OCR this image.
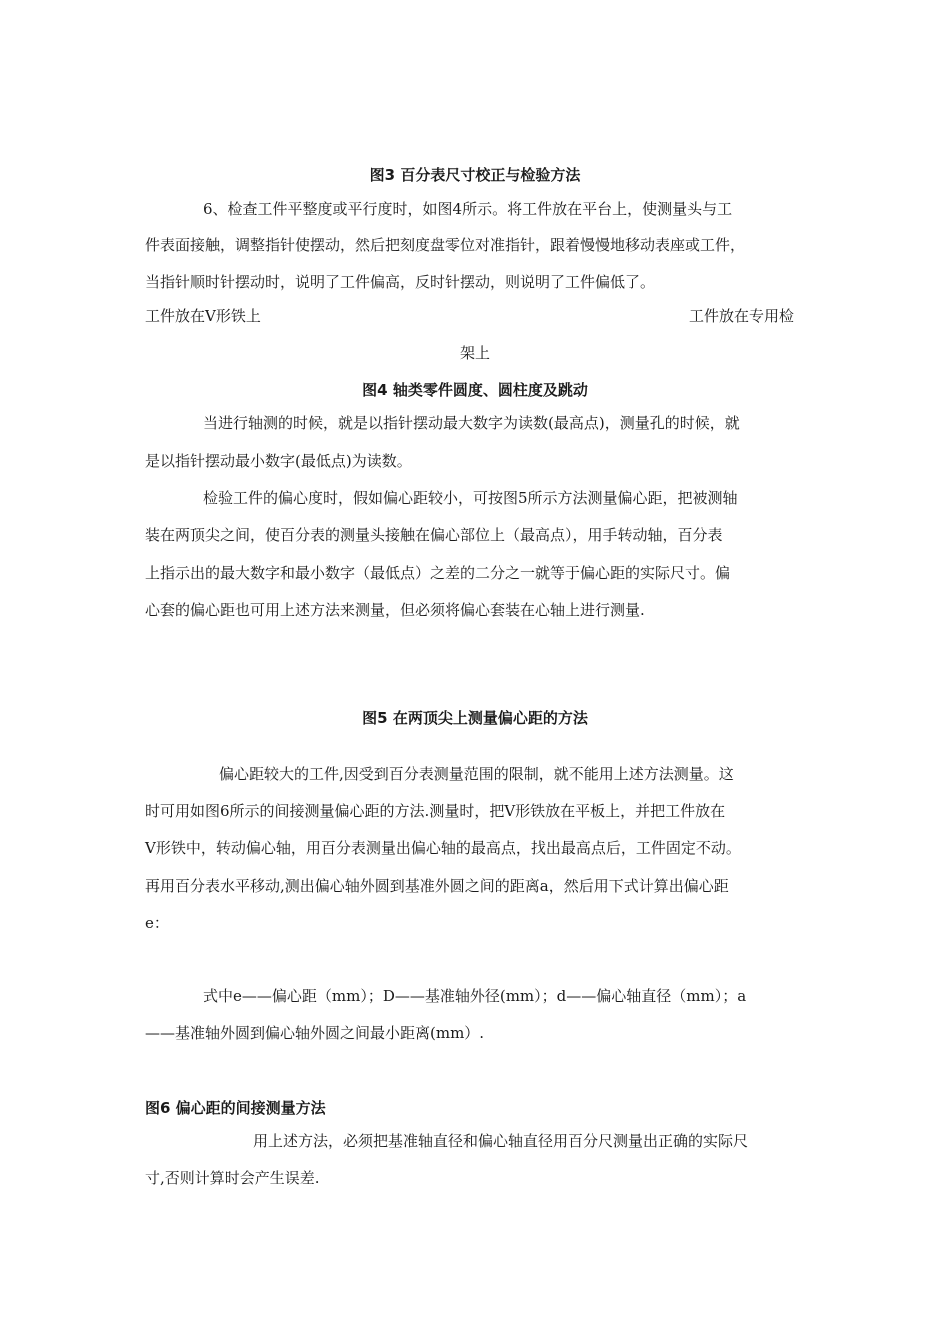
图3 百分表尺寸校正与检验方法
6、检查工件平整度或平行度时，如图4所示。将工件放在平台上，使测量头与工
件表面接触，调整指针使摆动，然后把刻度盘零位对准指针，跟着慢慢地移动表座或工件，
当指针顺时针摆动时，说明了工件偏高，反时针摆动，则说明了工件偏低了。
工件放在V形铁上	工件放在专用检
架上
图4 轴类零件圆度、圆柱度及跳动
当进行轴测的时候，就是以指针摆动最大数字为读数(最高点)，测量孔的时候，就
是以指针摆动最小数字(最低点)为读数。
检验工件的偏心度时，假如偏心距较小，可按图5所示方法测量偏心距，把被测轴
装在两顶尖之间，使百分表的测量头接触在偏心部位上（最高点），用手转动轴，百分表
上指示出的最大数字和最小数字（最低点）之差的二分之一就等于偏心距的实际尺寸。偏
心套的偏心距也可用上述方法来测量，但必须将偏心套装在心轴上进行测量.
图5 在两顶尖上测量偏心距的方法
偏心距较大的工件,因受到百分表测量范围的限制，就不能用上述方法测量。这
时可用如图6所示的间接测量偏心距的方法.测量时，把V形铁放在平板上，并把工件放在
V形铁中，转动偏心轴，用百分表测量出偏心轴的最高点，找出最高点后，工件固定不动。
再用百分表水平移动,测出偏心轴外圆到基准外圆之间的距离a，然后用下式计算出偏心距
e：
式中e——偏心距（mm）；D——基准轴外径(mm）；d——偏心轴直径（mm）；a
——基准轴外圆到偏心轴外圆之间最小距离(mm）.
图6 偏心距的间接测量方法
用上述方法，必须把基准轴直径和偏心轴直径用百分尺测量出正确的实际尺
寸,否则计算时会产生误差.
